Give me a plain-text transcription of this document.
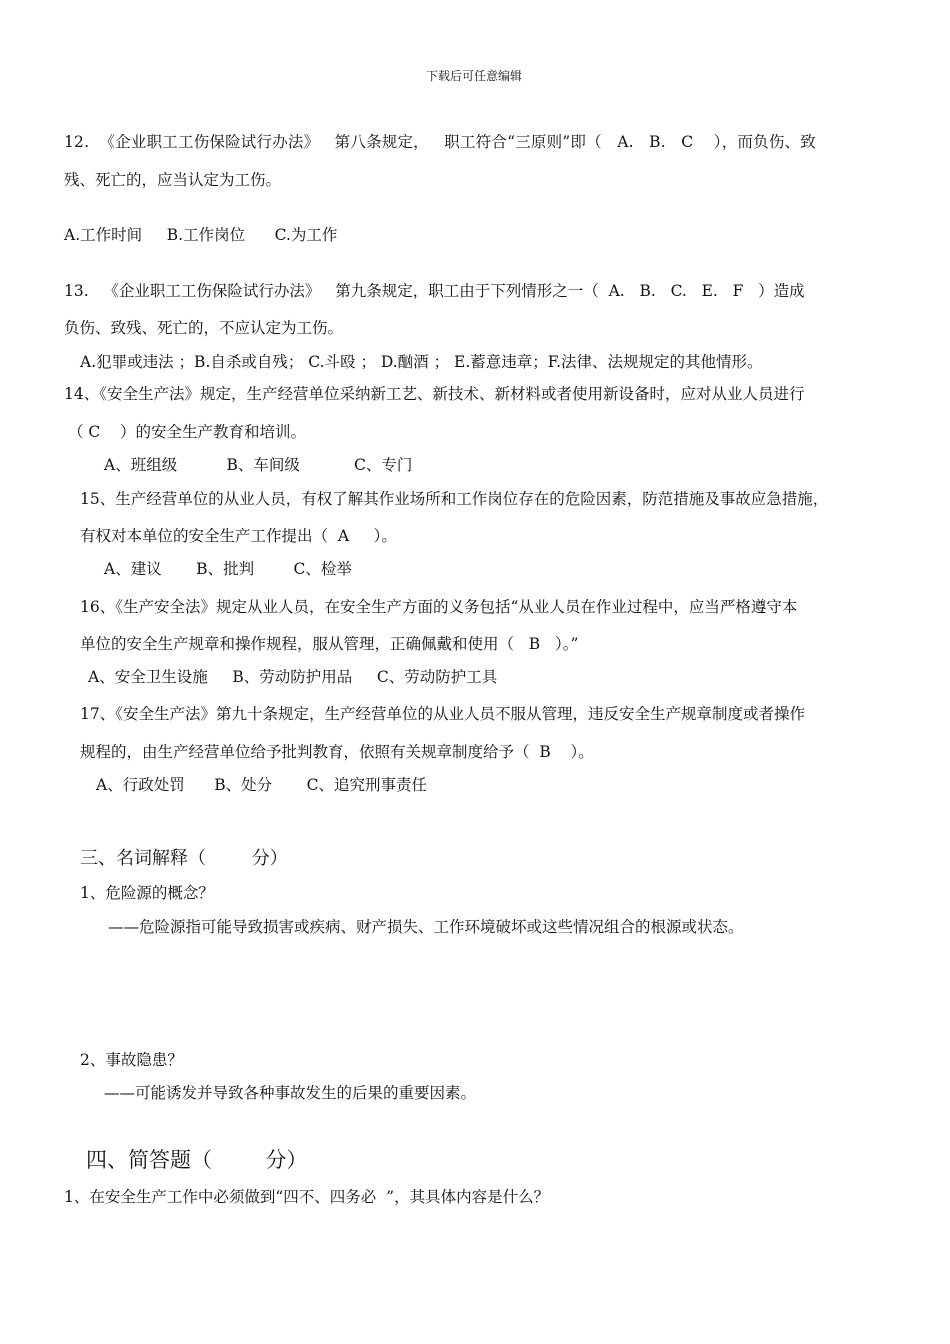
下载后可任意编辑
12.  《企业职工工伤保险试行办法》   第八条规定，   职工符合“三原则”即（   A.   B.   C    ），而负伤、致
残、死亡的，应当认定为工伤。
A.工作时间     B.工作岗位      C.为工作
13.   《企业职工工伤保险试行办法》   第九条规定，职工由于下列情形之一（  A.   B.   C.   E.   F   ）造成
负伤、致残、死亡的，不应认定为工伤。
A.犯罪或违法 ；B.自杀或自残； C.斗殴 ； D.酗酒 ； E.蓄意违章；F.法律、法规规定的其他情形。
14、《安全生产法》规定，生产经营单位采纳新工艺、新技术、新材料或者使用新设备时，应对从业人员进行
（ C    ）的安全生产教育和培训。
A、班组级          B、车间级           C、专门
15、生产经营单位的从业人员，有权了解其作业场所和工作岗位存在的危险因素，防范措施及事故应急措施，
有权对本单位的安全生产工作提出（  A     ）。
A、建议       B、批判        C、检举
16、《生产安全法》规定从业人员，在安全生产方面的义务包括“从业人员在作业过程中，应当严格遵守本
单位的安全生产规章和操作规程，服从管理，正确佩戴和使用（   B   ）。”
A、安全卫生设施     B、劳动防护用品     C、劳动防护工具
17、《安全生产法》第九十条规定，生产经营单位的从业人员不服从管理，违反安全生产规章制度或者操作
规程的，由生产经营单位给予批判教育，依照有关规章制度给予（  B    ）。
A、行政处罚      B、处分       C、追究刑事责任
三、名词解释（        分）
1、危险源的概念？
——危险源指可能导致损害或疾病、财产损失、工作环境破坏或这些情况组合的根源或状态。
2、事故隐患？
——可能诱发并导致各种事故发生的后果的重要因素。
四、简答题（        分）
1、在安全生产工作中必须做到“四不、四务必  ”，其具体内容是什么？
